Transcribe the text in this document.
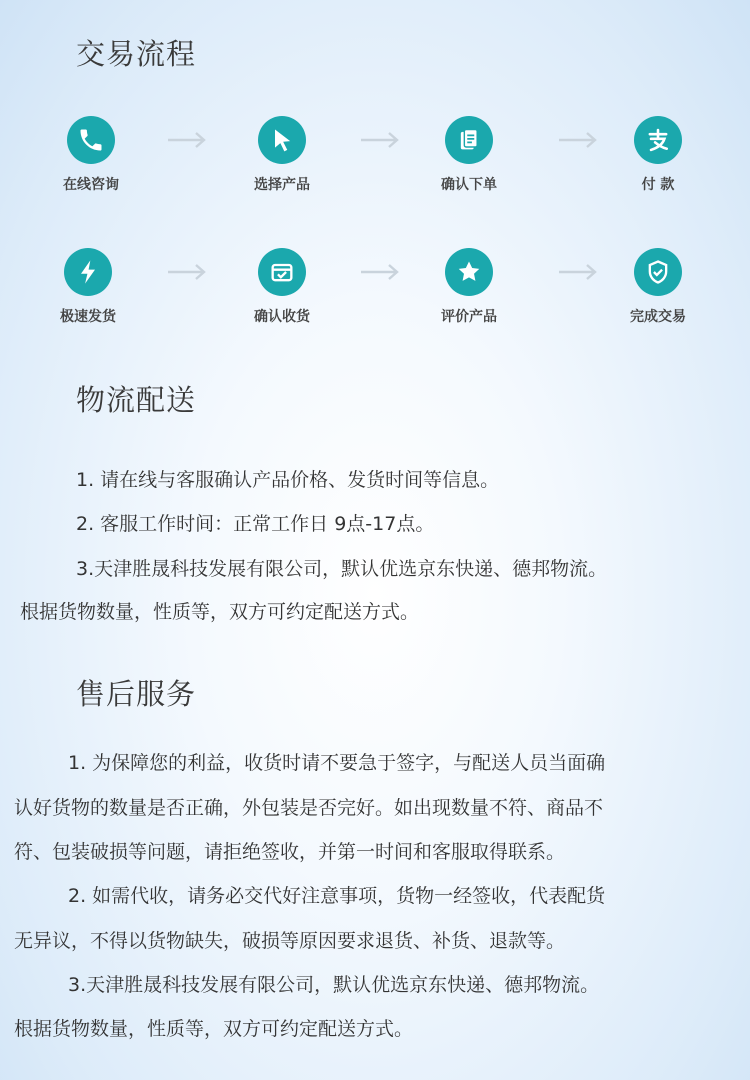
交易流程
在线咨询	选择产品	确认下单	付 款
极速发货	确认收货	评价产品	完成交易
物流配送

1. 请在线与客服确认产品价格、发货时间等信息。

2. 客服工作时间：正常工作日 9点-17点。

3.天津胜晟科技发展有限公司，默认优选京东快递、德邦物流。

根据货物数量，性质等，双方可约定配送方式。

售后服务

1. 为保障您的利益，收货时请不要急于签字，与配送人员当面确

认好货物的数量是否正确，外包装是否完好。如出现数量不符、商品不

符、包装破损等问题，请拒绝签收，并第一时间和客服取得联系。

2. 如需代收，请务必交代好注意事项，货物一经签收，代表配货

无异议，不得以货物缺失，破损等原因要求退货、补货、退款等。

3.天津胜晟科技发展有限公司，默认优选京东快递、德邦物流。

根据货物数量，性质等，双方可约定配送方式。
